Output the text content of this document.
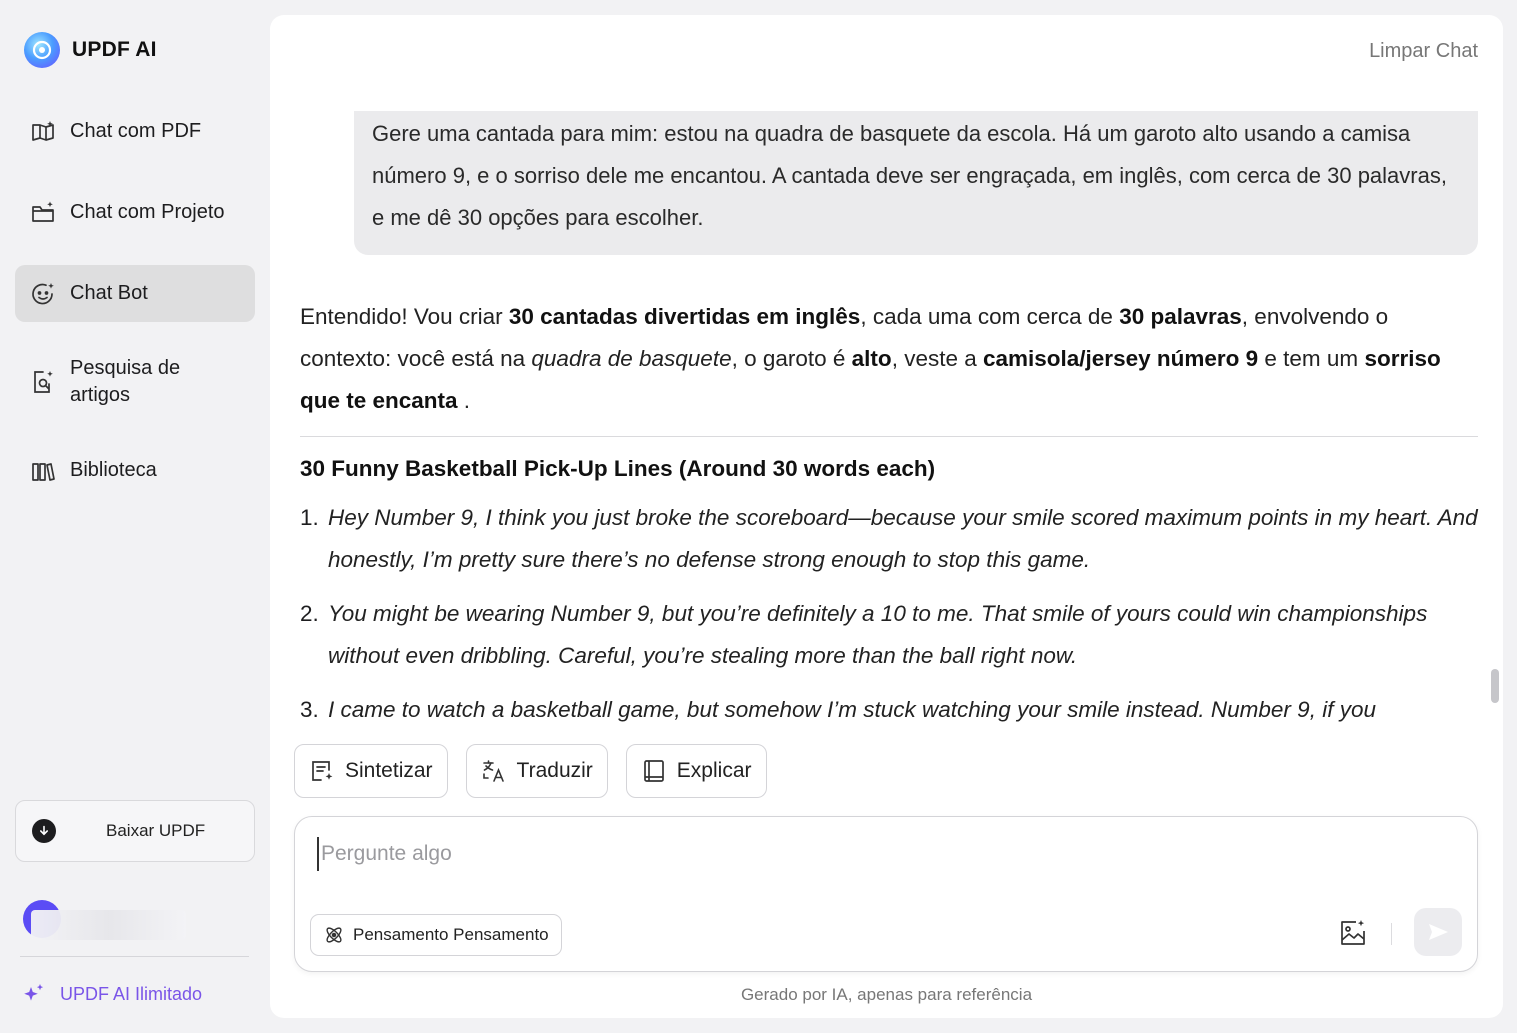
UPDF AI
Chat com PDF
Chat com Projeto
Chat Bot
Pesquisa de artigos
Biblioteca
Baixar UPDF
UPDF AI Ilimitado
Limpar Chat
Gere uma cantada para mim: estou na quadra de basquete da escola. Há um garoto alto usando a camisa número 9, e o sorriso dele me encantou. A cantada deve ser engraçada, em inglês, com cerca de 30 palavras, e me dê 30 opções para escolher.

Entendido! Vou criar 30 cantadas divertidas em inglês, cada uma com cerca de 30 palavras, envolvendo o contexto: você está na quadra de basquete, o garoto é alto, veste a camisola/jersey número 9 e tem um sorriso que te encanta .

30 Funny Basketball Pick-Up Lines (Around 30 words each)
1. Hey Number 9, I think you just broke the scoreboard—because your smile scored maximum points in my heart. And honestly, I’m pretty sure there’s no defense strong enough to stop this game.
2. You might be wearing Number 9, but you’re definitely a 10 to me. That smile of yours could win championships without even dribbling. Careful, you’re stealing more than the ball right now.
3. I came to watch a basketball game, but somehow I’m stuck watching your smile instead. Number 9, if you
Sintetizar	Traduzir	Explicar
Pergunte algo
Pensamento Pensamento
Gerado por IA, apenas para referência
